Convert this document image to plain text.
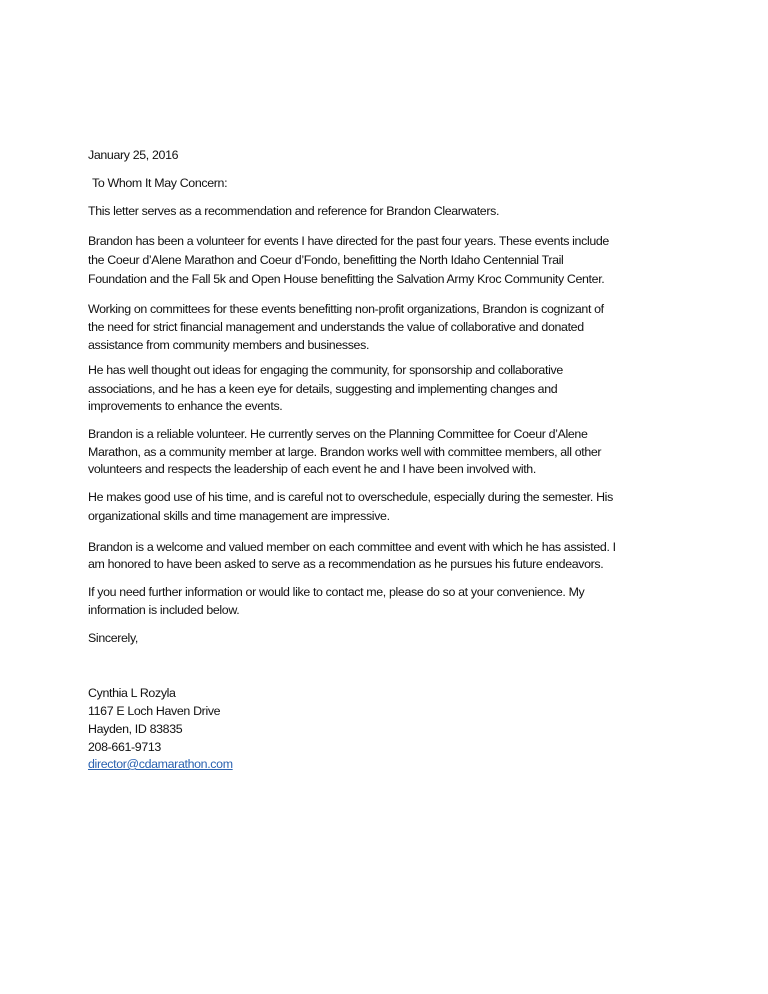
January 25, 2016
To Whom It May Concern:
This letter serves as a recommendation and reference for Brandon Clearwaters.
Brandon has been a volunteer for events I have directed for the past four years. These events include
the Coeur d’Alene Marathon and Coeur d’Fondo, benefitting the North Idaho Centennial Trail
Foundation and the Fall 5k and Open House benefitting the Salvation Army Kroc Community Center.
Working on committees for these events benefitting non-profit organizations, Brandon is cognizant of
the need for strict financial management and understands the value of collaborative and donated
assistance from community members and businesses.
He has well thought out ideas for engaging the community, for sponsorship and collaborative
associations, and he has a keen eye for details, suggesting and implementing changes and
improvements to enhance the events.
Brandon is a reliable volunteer. He currently serves on the Planning Committee for Coeur d’Alene
Marathon, as a community member at large. Brandon works well with committee members, all other
volunteers and respects the leadership of each event he and I have been involved with.
He makes good use of his time, and is careful not to overschedule, especially during the semester. His
organizational skills and time management are impressive.
Brandon is a welcome and valued member on each committee and event with which he has assisted. I
am honored to have been asked to serve as a recommendation as he pursues his future endeavors.
If you need further information or would like to contact me, please do so at your convenience. My
information is included below.
Sincerely,
Cynthia L Rozyla
1167 E Loch Haven Drive
Hayden, ID 83835
208-661-9713
director@cdamarathon.com
